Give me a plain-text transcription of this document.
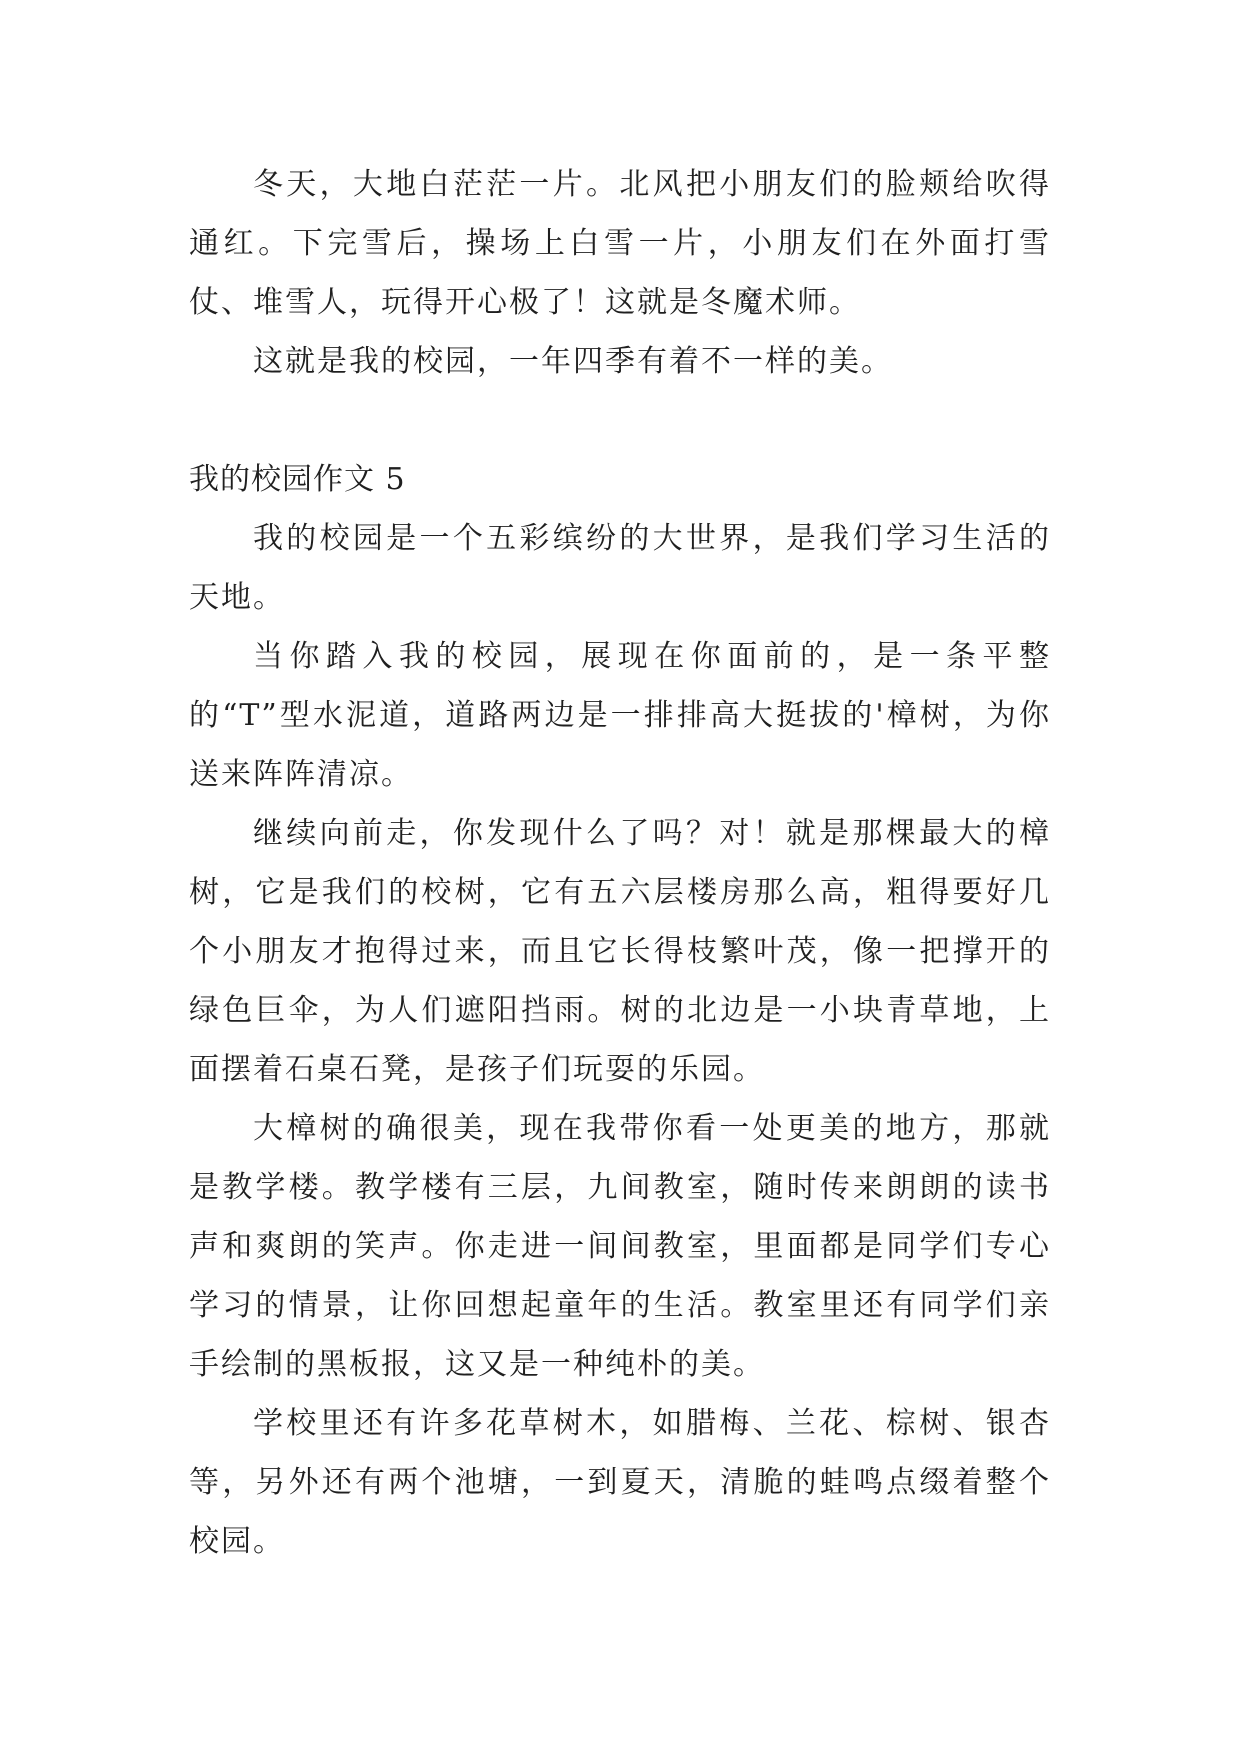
冬天，大地白茫茫一片。北风把小朋友们的脸颊给吹得通红。下完雪后，操场上白雪一片，小朋友们在外面打雪仗、堆雪人，玩得开心极了！这就是冬魔术师。

这就是我的校园，一年四季有着不一样的美。

我的校园作文 5

我的校园是一个五彩缤纷的大世界，是我们学习生活的天地。

当你踏入我的校园，展现在你面前的，是一条平整的“T”型水泥道，道路两边是一排排高大挺拔的'樟树，为你送来阵阵清凉。

继续向前走，你发现什么了吗？对！就是那棵最大的樟树，它是我们的校树，它有五六层楼房那么高，粗得要好几个小朋友才抱得过来，而且它长得枝繁叶茂，像一把撑开的绿色巨伞，为人们遮阳挡雨。树的北边是一小块青草地，上面摆着石桌石凳，是孩子们玩耍的乐园。

大樟树的确很美，现在我带你看一处更美的地方，那就是教学楼。教学楼有三层，九间教室，随时传来朗朗的读书声和爽朗的笑声。你走进一间间教室，里面都是同学们专心学习的情景，让你回想起童年的生活。教室里还有同学们亲手绘制的黑板报，这又是一种纯朴的美。

学校里还有许多花草树木，如腊梅、兰花、棕树、银杏等，另外还有两个池塘，一到夏天，清脆的蛙鸣点缀着整个校园。
